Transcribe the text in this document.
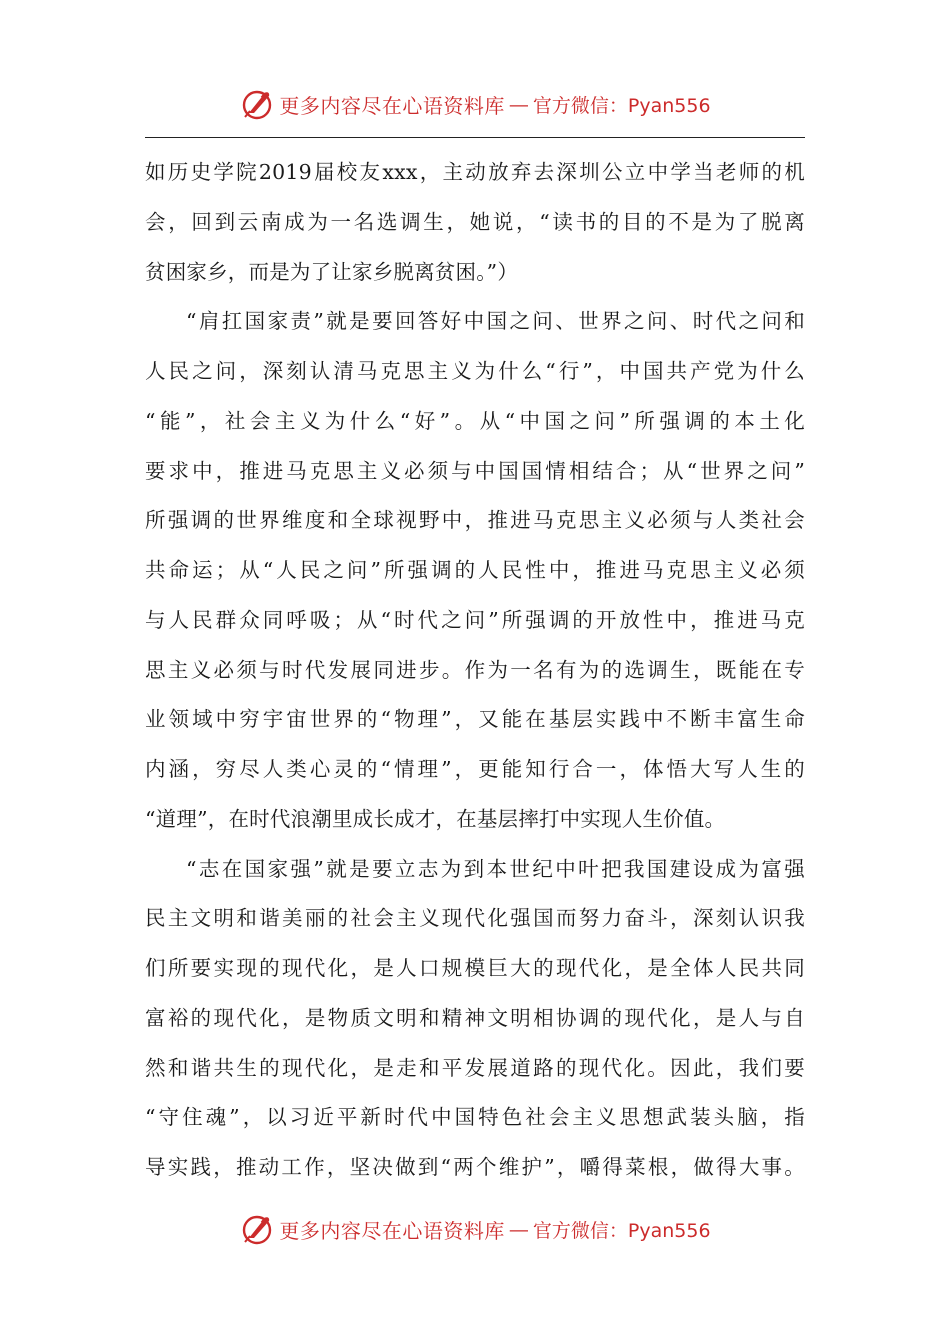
更多内容尽在心语资料库 — 官方微信：Pyan556
如历史学院2019届校友xxx，主动放弃去深圳公立中学当老师的机
会，回到云南成为一名选调生，她说，“读书的目的不是为了脱离
贫困家乡，而是为了让家乡脱离贫困。”）
“肩扛国家责”就是要回答好中国之问、世界之问、时代之问和
人民之问，深刻认清马克思主义为什么“行”，中国共产党为什么
“能”，社会主义为什么“好”。从“中国之问”所强调的本土化
要求中，推进马克思主义必须与中国国情相结合；从“世界之问”
所强调的世界维度和全球视野中，推进马克思主义必须与人类社会
共命运；从“人民之问”所强调的人民性中，推进马克思主义必须
与人民群众同呼吸；从“时代之问”所强调的开放性中，推进马克
思主义必须与时代发展同进步。作为一名有为的选调生，既能在专
业领域中穷宇宙世界的“物理”，又能在基层实践中不断丰富生命
内涵，穷尽人类心灵的“情理”，更能知行合一，体悟大写人生的
“道理”，在时代浪潮里成长成才，在基层摔打中实现人生价值。
“志在国家强”就是要立志为到本世纪中叶把我国建设成为富强
民主文明和谐美丽的社会主义现代化强国而努力奋斗，深刻认识我
们所要实现的现代化，是人口规模巨大的现代化，是全体人民共同
富裕的现代化，是物质文明和精神文明相协调的现代化，是人与自
然和谐共生的现代化，是走和平发展道路的现代化。因此，我们要
“守住魂”，以习近平新时代中国特色社会主义思想武装头脑，指
导实践，推动工作，坚决做到“两个维护”，嚼得菜根，做得大事。
更多内容尽在心语资料库 — 官方微信：Pyan556
